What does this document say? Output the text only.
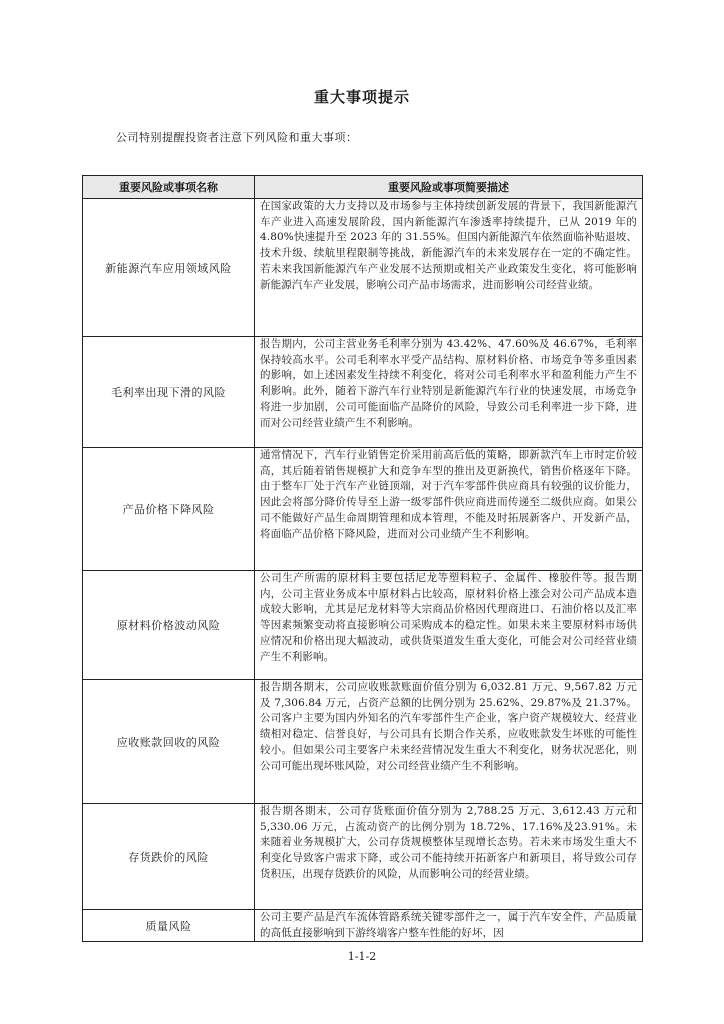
重大事项提示
公司特别提醒投资者注意下列风险和重大事项：
重要风险或事项名称	重要风险或事项简要描述
新能源汽车应用领域风险	在国家政策的大力支持以及市场参与主体持续创新发展的背景下，我国新能源汽车产业进入高速发展阶段，国内新能源汽车渗透率持续提升，已从 2019 年的 4.80%快速提升至 2023 年的 31.55%。但国内新能源汽车依然面临补贴退坡、技术升级、续航里程限制等挑战，新能源汽车的未来发展存在一定的不确定性。若未来我国新能源汽车产业发展不达预期或相关产业政策发生变化，将可能影响新能源汽车产业发展，影响公司产品市场需求，进而影响公司经营业绩。
毛利率出现下滑的风险	报告期内，公司主营业务毛利率分别为 43.42%、47.60%及 46.67%，毛利率保持较高水平。公司毛利率水平受产品结构、原材料价格、市场竞争等多重因素的影响，如上述因素发生持续不利变化，将对公司毛利率水平和盈利能力产生不利影响。此外，随着下游汽车行业特别是新能源汽车行业的快速发展，市场竞争将进一步加剧，公司可能面临产品降价的风险，导致公司毛利率进一步下降，进而对公司经营业绩产生不利影响。
产品价格下降风险	通常情况下，汽车行业销售定价采用前高后低的策略，即新款汽车上市时定价较高，其后随着销售规模扩大和竞争车型的推出及更新换代，销售价格逐年下降。由于整车厂处于汽车产业链顶端，对于汽车零部件供应商具有较强的议价能力，因此会将部分降价传导至上游一级零部件供应商进而传递至二级供应商。如果公司不能做好产品生命周期管理和成本管理，不能及时拓展新客户、开发新产品，将面临产品价格下降风险，进而对公司业绩产生不利影响。
原材料价格波动风险	公司生产所需的原材料主要包括尼龙等塑料粒子、金属件、橡胶件等。报告期内，公司主营业务成本中原材料占比较高，原材料价格上涨会对公司产品成本造成较大影响，尤其是尼龙材料等大宗商品价格因代理商进口、石油价格以及汇率等因素频繁变动将直接影响公司采购成本的稳定性。如果未来主要原材料市场供应情况和价格出现大幅波动，或供货渠道发生重大变化，可能会对公司经营业绩产生不利影响。
应收账款回收的风险	报告期各期末，公司应收账款账面价值分别为 6,032.81 万元、9,567.82 万元及 7,306.84 万元，占资产总额的比例分别为 25.62%、29.87%及 21.37%。公司客户主要为国内外知名的汽车零部件生产企业，客户资产规模较大、经营业绩相对稳定、信誉良好，与公司具有长期合作关系，应收账款发生坏账的可能性较小。但如果公司主要客户未来经营情况发生重大不利变化，财务状况恶化，则公司可能出现坏账风险，对公司经营业绩产生不利影响。
存货跌价的风险	报告期各期末，公司存货账面价值分别为 2,788.25 万元、3,612.43 万元和 5,330.06 万元，占流动资产的比例分别为 18.72%、17.16%及23.91%。未来随着业务规模扩大，公司存货规模整体呈现增长态势。若未来市场发生重大不利变化导致客户需求下降，或公司不能持续开拓新客户和新项目，将导致公司存货积压，出现存货跌价的风险，从而影响公司的经营业绩。
质量风险	公司主要产品是汽车流体管路系统关键零部件之一，属于汽车安全件，产品质量的高低直接影响到下游终端客户整车性能的好坏，因
1-1-2
